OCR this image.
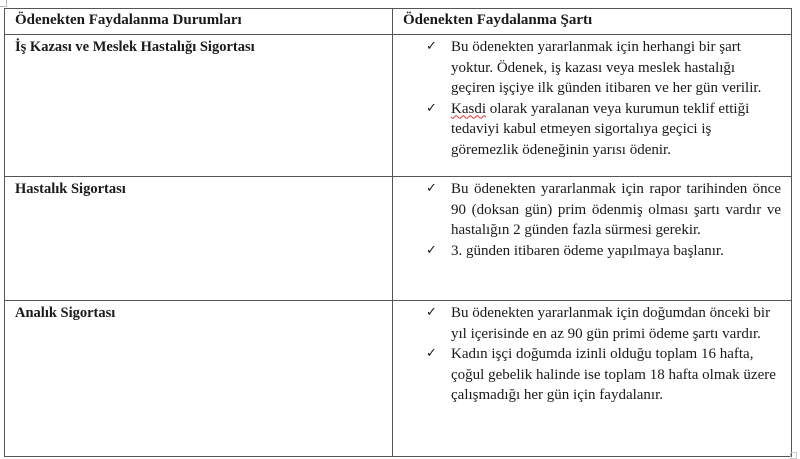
Ödenekten Faydalanma Durumları	Ödenekten Faydalanma Şartı
İş Kazası ve Meslek Hastalığı Sigortası	✓ Bu ödenekten yararlanmak için herhangi bir şart yoktur. Ödenek, iş kazası veya meslek hastalığı geçiren işçiye ilk günden itibaren ve her gün verilir.
✓ Kasdi olarak yaralanan veya kurumun teklif ettiği tedaviyi kabul etmeyen sigortalıya geçici iş göremezlik ödeneğinin yarısı ödenir.

Hastalık Sigortası	✓ Bu ödenekten yararlanmak için rapor tarihinden önce 90 (doksan gün) prim ödenmiş olması şartı vardır ve hastalığın 2 günden fazla sürmesi gerekir.
✓ 3. günden itibaren ödeme yapılmaya başlanır.

Analık Sigortası	✓ Bu ödenekten yararlanmak için doğumdan önceki bir yıl içerisinde en az 90 gün primi ödeme şartı vardır.
✓ Kadın işçi doğumda izinli olduğu toplam 16 hafta, çoğul gebelik halinde ise toplam 18 hafta olmak üzere çalışmadığı her gün için faydalanır.
